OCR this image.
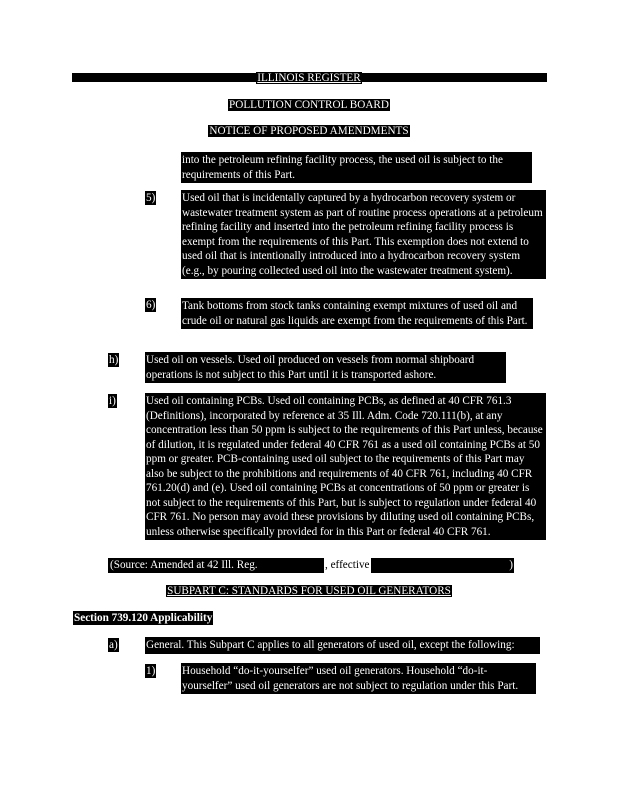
ILLINOIS REGISTER
POLLUTION CONTROL BOARD
NOTICE OF PROPOSED AMENDMENTS
into the petroleum refining facility process, the used oil is subject to the requirements of this Part.
5) Used oil that is incidentally captured by a hydrocarbon recovery system or wastewater treatment system as part of routine process operations at a petroleum refining facility and inserted into the petroleum refining facility process is exempt from the requirements of this Part. This exemption does not extend to used oil that is intentionally introduced into a hydrocarbon recovery system (e.g., by pouring collected used oil into the wastewater treatment system).
6) Tank bottoms from stock tanks containing exempt mixtures of used oil and crude oil or natural gas liquids are exempt from the requirements of this Part.
h) Used oil on vessels. Used oil produced on vessels from normal shipboard operations is not subject to this Part until it is transported ashore.
i)	Used oil containing PCBs. Used oil containing PCBs, as defined at 40 CFR 761.3 (Definitions), incorporated by reference at 35 Ill. Adm. Code 720.111(b), at any concentration less than 50 ppm is subject to the requirements of this Part unless, because of dilution, it is regulated under federal 40 CFR 761 as a used oil containing PCBs at 50 ppm or greater. PCB-containing used oil subject to the requirements of this Part may also be subject to the prohibitions and requirements of 40 CFR 761, including 40 CFR 761.20(d) and (e). Used oil containing PCBs at concentrations of 50 ppm or greater is not subject to the requirements of this Part, but is subject to regulation under federal 40 CFR 761. No person may avoid these provisions by diluting used oil containing PCBs, unless otherwise specifically provided for in this Part or federal 40 CFR 761.
(Source: Amended at 42 Ill. Reg.	, effective	)
SUBPART C: STANDARDS FOR USED OIL GENERATORS
Section 739.120 Applicability
a)	General. This Subpart C applies to all generators of used oil, except the following:
1) Household “do-it-yourselfer” used oil generators. Household “do-it-yourselfer” used oil generators are not subject to regulation under this Part.
